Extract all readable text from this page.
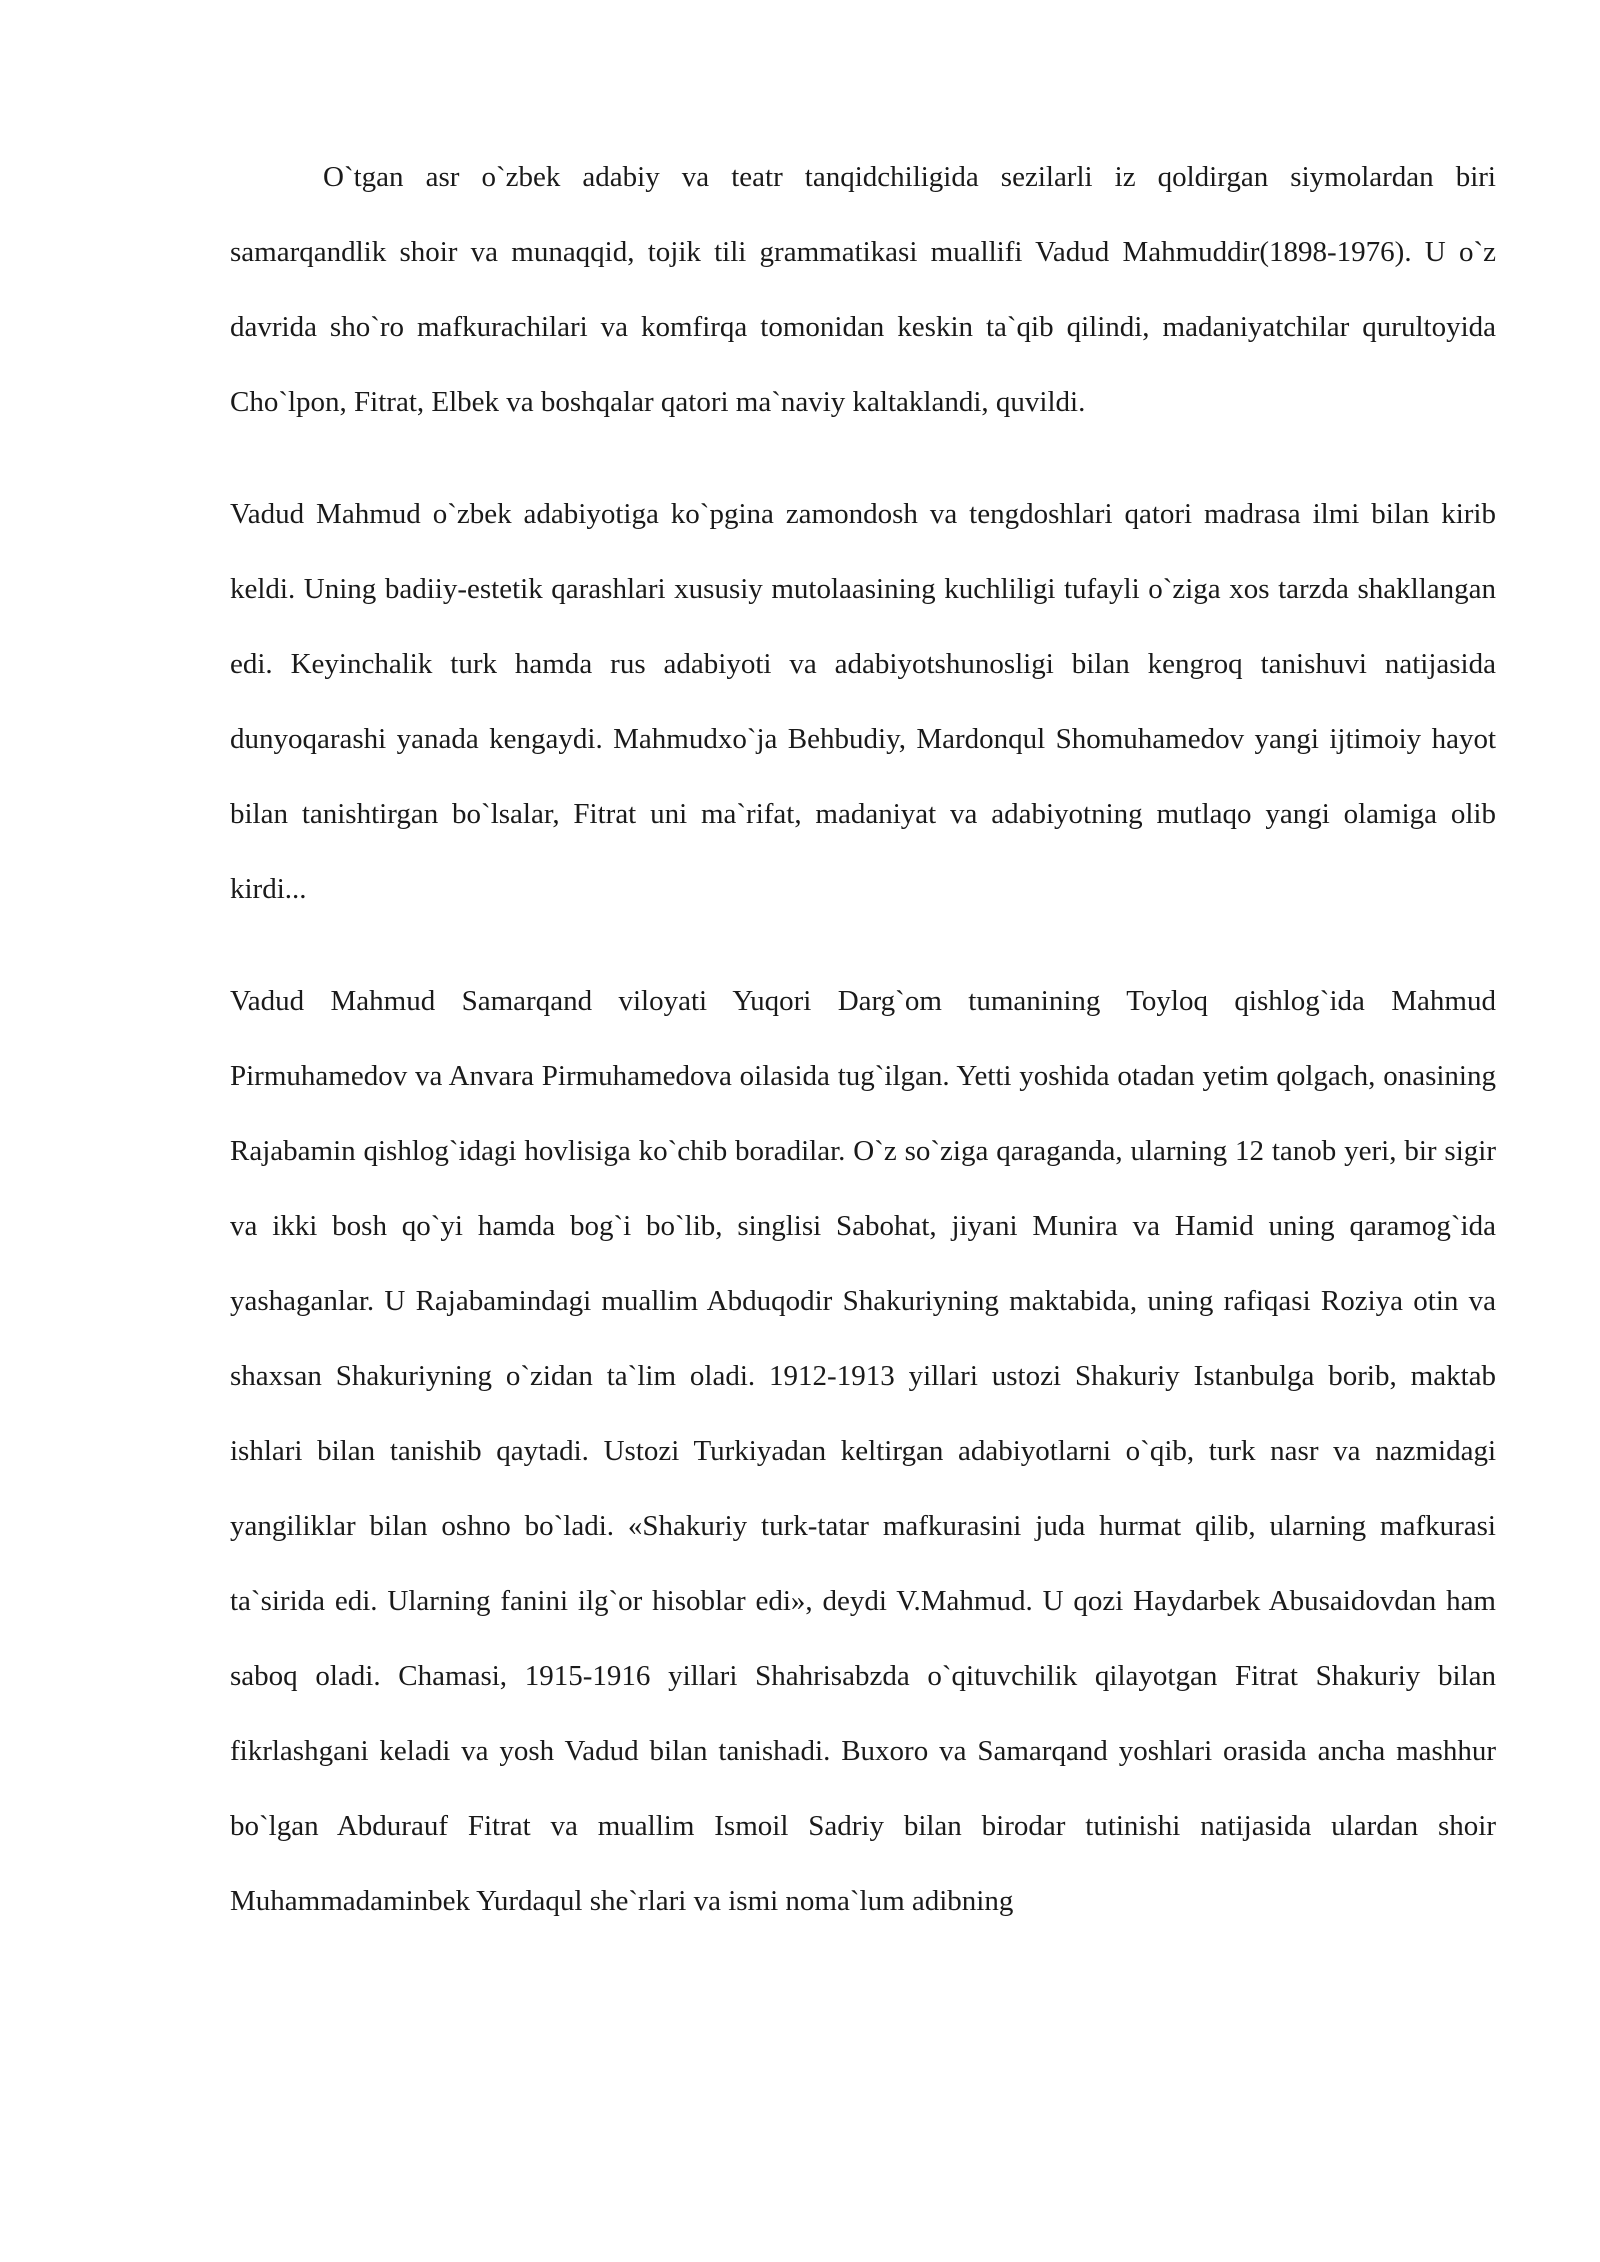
O`tgan asr o`zbek adabiy va teatr tanqidchiligida sezilarli iz qoldirgan siymolardan biri samarqandlik shoir va munaqqid, tojik tili grammatikasi muallifi Vadud Mahmuddir(1898-1976). U o`z davrida sho`ro mafkurachilari va komfirqa tomonidan keskin ta`qib qilindi, madaniyatchilar qurultoyida Cho`lpon, Fitrat, Elbek va boshqalar qatori ma`naviy kaltaklandi, quvildi.

Vadud Mahmud o`zbek adabiyotiga ko`pgina zamondosh va tengdoshlari qatori madrasa ilmi bilan kirib keldi. Uning badiiy-estetik qarashlari xususiy mutolaasining kuchliligi tufayli o`ziga xos tarzda shakllangan edi. Keyinchalik turk hamda rus adabiyoti va adabiyotshunosligi bilan kengroq tanishuvi natijasida dunyoqarashi yanada kengaydi. Mahmudxo`ja Behbudiy, Mardonqul Shomuhamedov yangi ijtimoiy hayot bilan tanishtirgan bo`lsalar, Fitrat uni ma`rifat, madaniyat va adabiyotning mutlaqo yangi olamiga olib kirdi...

Vadud Mahmud Samarqand viloyati Yuqori Darg`om tumanining Toyloq qishlog`ida Mahmud Pirmuhamedov va Anvara Pirmuhamedova oilasida tug`ilgan. Yetti yoshida otadan yetim qolgach, onasining Rajabamin qishlog`idagi hovlisiga ko`chib boradilar. O`z so`ziga qaraganda, ularning 12 tanob yeri, bir sigir va ikki bosh qo`yi hamda bog`i bo`lib, singlisi Sabohat, jiyani Munira va Hamid uning qaramog`ida yashaganlar. U Rajabamindagi muallim Abduqodir Shakuriyning maktabida, uning rafiqasi Roziya otin va shaxsan Shakuriyning o`zidan ta`lim oladi. 1912-1913 yillari ustozi Shakuriy Istanbulga borib, maktab ishlari bilan tanishib qaytadi. Ustozi Turkiyadan keltirgan adabiyotlarni o`qib, turk nasr va nazmidagi yangiliklar bilan oshno bo`ladi. «Shakuriy turk-tatar mafkurasini juda hurmat qilib, ularning mafkurasi ta`sirida edi. Ularning fanini ilg`or hisoblar edi», deydi V.Mahmud. U qozi Haydarbek Abusaidovdan ham saboq oladi. Chamasi, 1915-1916 yillari Shahrisabzda o`qituvchilik qilayotgan Fitrat Shakuriy bilan fikrlashgani keladi va yosh Vadud bilan tanishadi. Buxoro va Samarqand yoshlari orasida ancha mashhur bo`lgan Abdurauf Fitrat va muallim Ismoil Sadriy bilan birodar tutinishi natijasida ulardan shoir Muhammadaminbek Yurdaqul she`rlari va ismi noma`lum adibning
